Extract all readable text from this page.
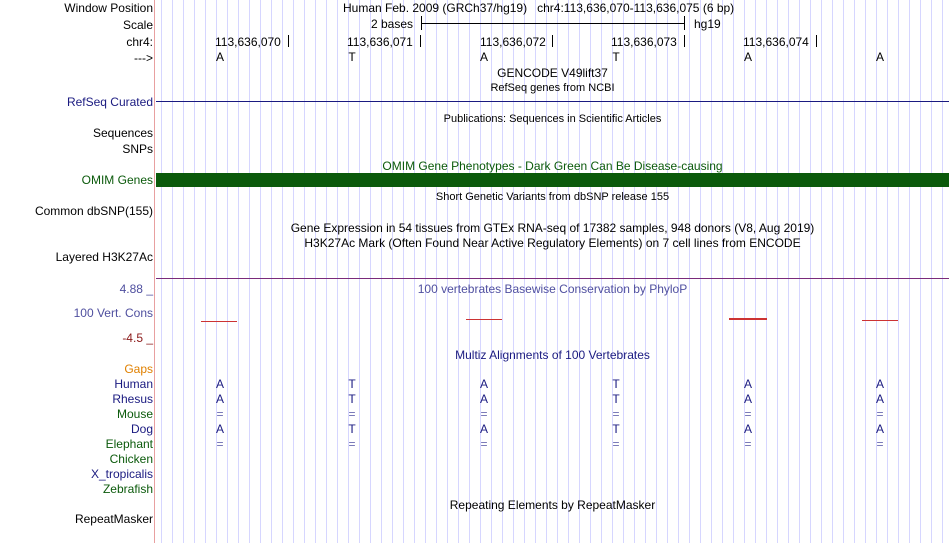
Window Position	Human Feb. 2009 (GRCh37/hg19) chr4:113,636,070-113,636,075 (6 bp)
Scale	2 bases	hg19
chr4:	113,636,070	113,636,071	113,636,072	113,636,073	113,636,074
--->	A	T	A	T	A	A
GENCODE V49lift37
RefSeq genes from NCBI
RefSeq Curated
Publications: Sequences in Scientific Articles
Sequences
SNPs
OMIM Gene Phenotypes - Dark Green Can Be Disease-causing
OMIM Genes
Short Genetic Variants from dbSNP release 155
Common dbSNP(155)
Gene Expression in 54 tissues from GTEx RNA-seq of 17382 samples, 948 donors (V8, Aug 2019)
H3K27Ac Mark (Often Found Near Active Regulatory Elements) on 7 cell lines from ENCODE
Layered H3K27Ac
4.88 _	100 vertebrates Basewise Conservation by PhyloP
100 Vert. Cons
-4.5 _
Multiz Alignments of 100 Vertebrates
Gaps
Human	A	T	A	T	A	A
Rhesus	A	T	A	T	A	A
Mouse	=	=	=	=	=	=
Dog	A	T	A	T	A	A
Elephant	=	=	=	=	=	=
Chicken
X_tropicalis
Zebrafish
Repeating Elements by RepeatMasker
RepeatMasker
